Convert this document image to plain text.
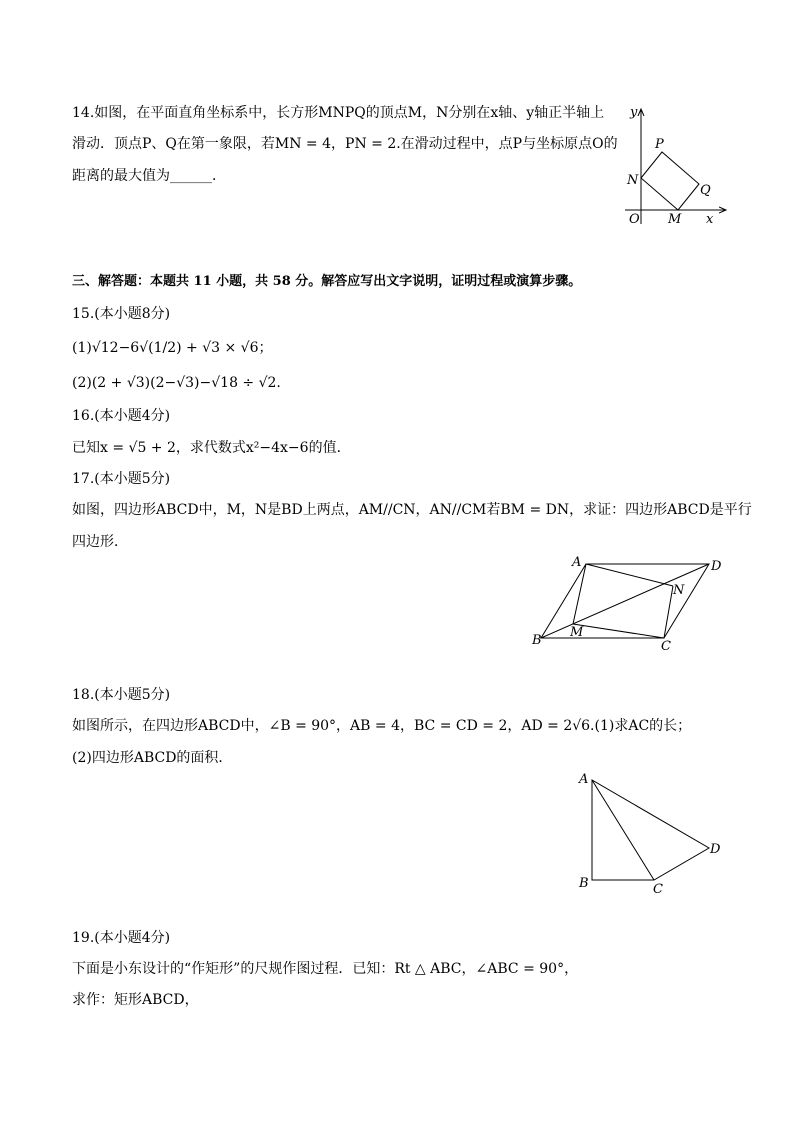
14.如图，在平面直角坐标系中，长方形MNPQ的顶点M，N分别在x轴、y轴正半轴上
滑动．顶点P、Q在第一象限，若MN = 4，PN = 2.在滑动过程中，点P与坐标原点O的
距离的最大值为______．
y
x
O M
N
P
Q
三、解答题：本题共 11 小题，共 58 分。解答应写出文字说明，证明过程或演算步骤。
15.(本小题8分)
(1)√12−6√(1/2) + √3 × √6；
(2)(2 + √3)(2−√3)−√18 ÷ √2.
16.(本小题4分)
已知x = √5 + 2，求代数式x²−4x−6的值．
17.(本小题5分)
如图，四边形ABCD中，M，N是BD上两点，AM//CN，AN//CM若BM = DN，求证：四边形ABCD是平行
四边形．
A	D
B	C
M
N
18.(本小题5分)
如图所示，在四边形ABCD中，∠B = 90°，AB = 4，BC = CD = 2，AD = 2√6.(1)求AC的长；
(2)四边形ABCD的面积．
A
B	C
D
19.(本小题4分)
下面是小东设计的“作矩形”的尺规作图过程．已知：Rt △ ABC，∠ABC = 90°，
求作：矩形ABCD，
